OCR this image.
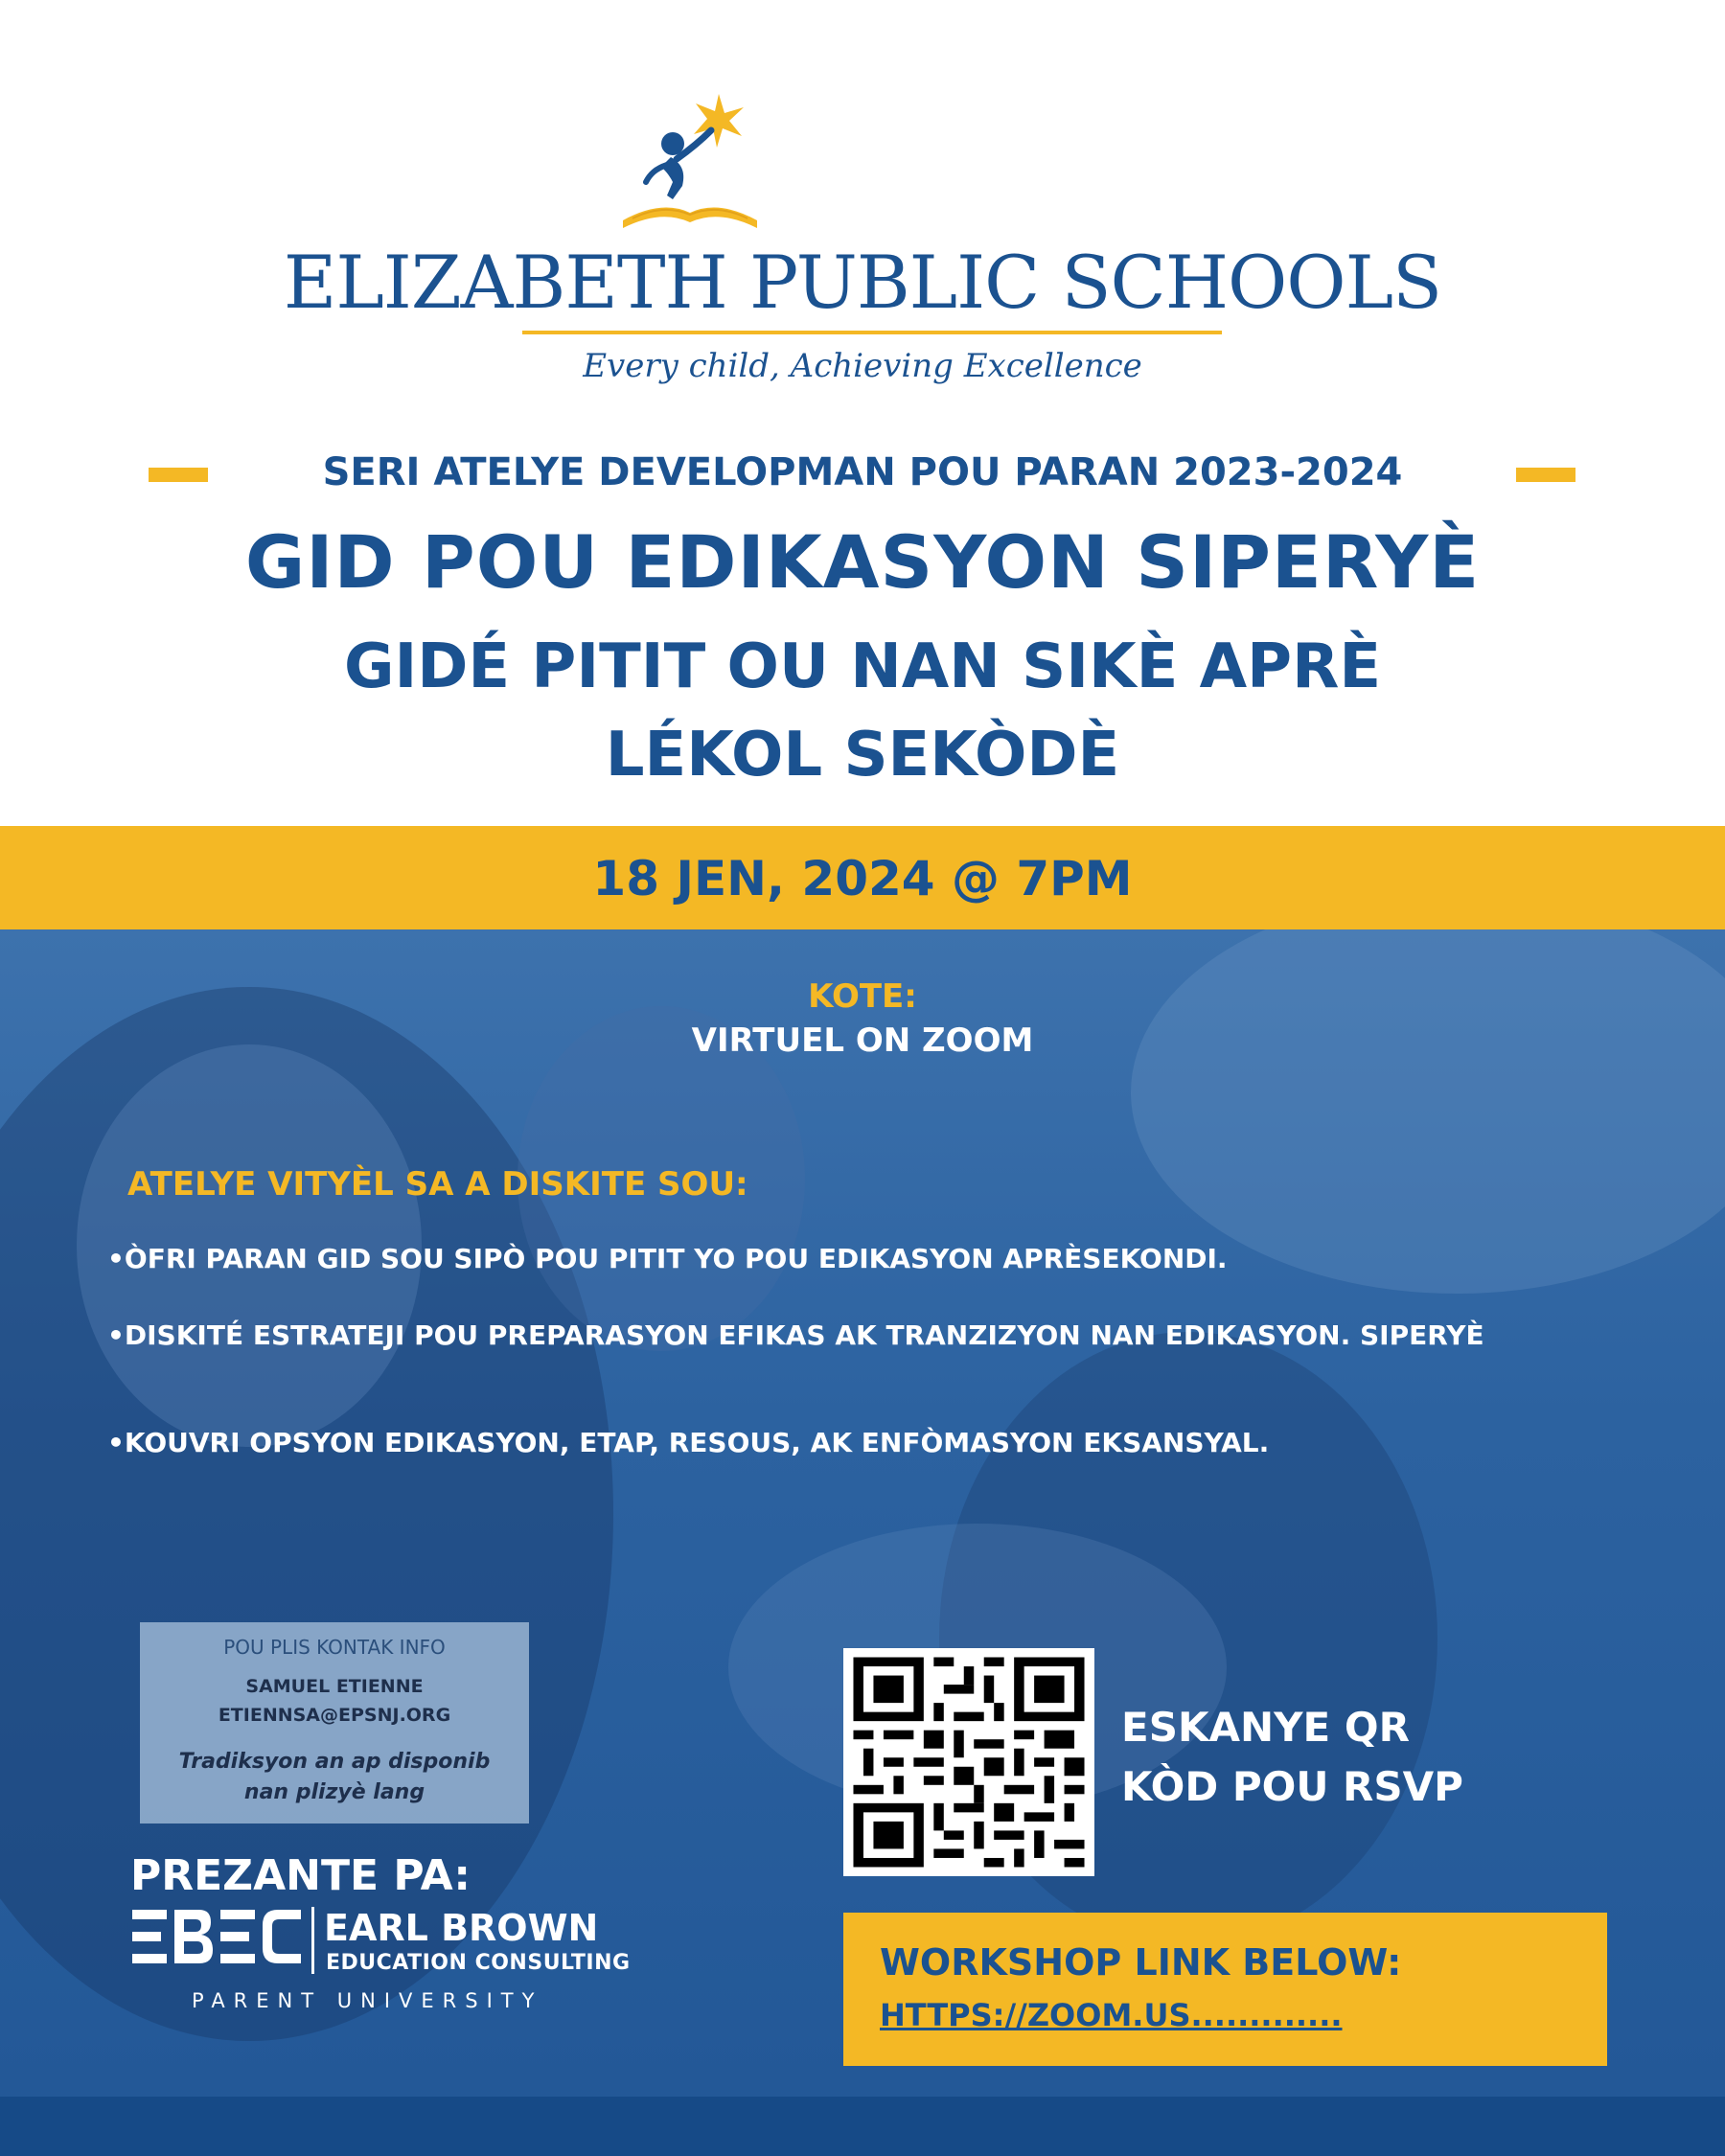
ELIZABETH PUBLIC SCHOOLS
Every child, Achieving Excellence
SERI ATELYE DEVELOPMAN POU PARAN 2023-2024
GID POU EDIKASYON SIPERYÈ
GIDÉ PITIT OU NAN SIKÈ APRÈ
LÉKOL SEKÒDÈ
18 JEN, 2024 @ 7PM
KOTE:
VIRTUEL ON ZOOM
ATELYE VITYÈL SA A DISKITE SOU:
•ÒFRI PARAN GID SOU SIPÒ POU PITIT YO POU EDIKASYON APRÈSEKONDI.
•DISKITÉ ESTRATEJI POU PREPARASYON EFIKAS AK TRANZIZYON NAN EDIKASYON. SIPERYÈ
•KOUVRI OPSYON EDIKASYON, ETAP, RESOUS, AK ENFÒMASYON EKSANSYAL.
POU PLIS KONTAK INFO
SAMUEL ETIENNE
ETIENNSA@EPSNJ.ORG
Tradiksyon an ap disponib
nan plizyè lang
PREZANTE PA:
EARL BROWN
EDUCATION CONSULTING
PARENT UNIVERSITY
ESKANYE QR
KÒD POU RSVP
WORKSHOP LINK BELOW:
HTTPS://ZOOM.US.............
